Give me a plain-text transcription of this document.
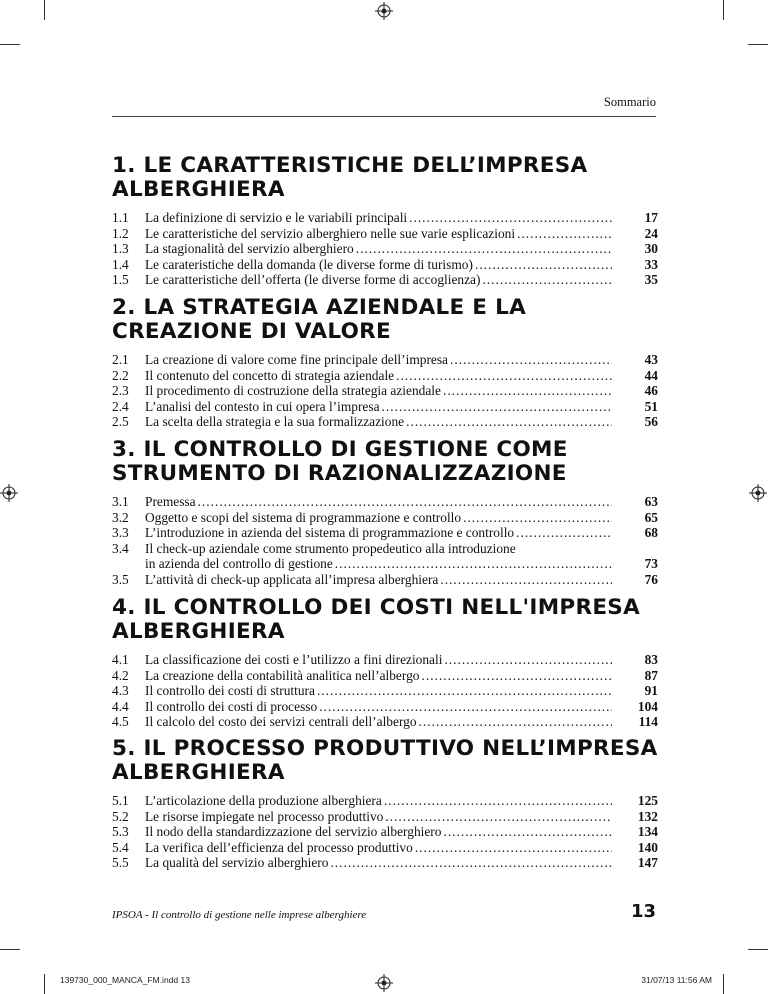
Sommario
1. LE CARATTERISTICHE DELL’IMPRESA ALBERGHIERA
1.1 La definizione di servizio e le variabili principali .....	17
1.2 Le caratteristiche del servizio alberghiero nelle sue varie esplicazioni .....	24
1.3 La stagionalità del servizio alberghiero .....	30
1.4 Le carateristiche della domanda (le diverse forme di turismo) .....	33
1.5 Le caratteristiche dell’offerta (le diverse forme di accoglienza) .....	35
2. LA STRATEGIA AZIENDALE E LA CREAZIONE DI VALORE
2.1 La creazione di valore come fine principale dell’impresa .....	43
2.2 Il contenuto del concetto di strategia aziendale .....	44
2.3 Il procedimento di costruzione della strategia aziendale .....	46
2.4 L’analisi del contesto in cui opera l’impresa .....	51
2.5 La scelta della strategia e la sua formalizzazione .....	56
3. IL CONTROLLO DI GESTIONE COME STRUMENTO DI RAZIONALIZZAZIONE
3.1 Premessa .....	63
3.2 Oggetto e scopi del sistema di programmazione e controllo .....	65
3.3 L’introduzione in azienda del sistema di programmazione e controllo .....	68
3.4 Il check-up aziendale come strumento propedeutico alla introduzione
in azienda del controllo di gestione .....	73
3.5 L’attività di check-up applicata all’impresa alberghiera .....	76
4. IL CONTROLLO DEI COSTI NELL'IMPRESA ALBERGHIERA
4.1 La classificazione dei costi e l’utilizzo a fini direzionali .....	83
4.2 La creazione della contabilità analitica nell’albergo .....	87
4.3 Il controllo dei costi di struttura .....	91
4.4 Il controllo dei costi di processo .....	104
4.5 Il calcolo del costo dei servizi centrali dell’albergo .....	114
5. IL PROCESSO PRODUTTIVO NELL’IMPRESA ALBERGHIERA
5.1 L’articolazione della produzione alberghiera .....	125
5.2 Le risorse impiegate nel processo produttivo .....	132
5.3 Il nodo della standardizzazione del servizio alberghiero .....	134
5.4 La verifica dell’efficienza del processo produttivo .....	140
5.5 La qualità del servizio alberghiero .....	147
IPSOA - Il controllo di gestione nelle imprese alberghiere	13
139730_000_MANCA_FM.indd 13	31/07/13 11:56 AM
